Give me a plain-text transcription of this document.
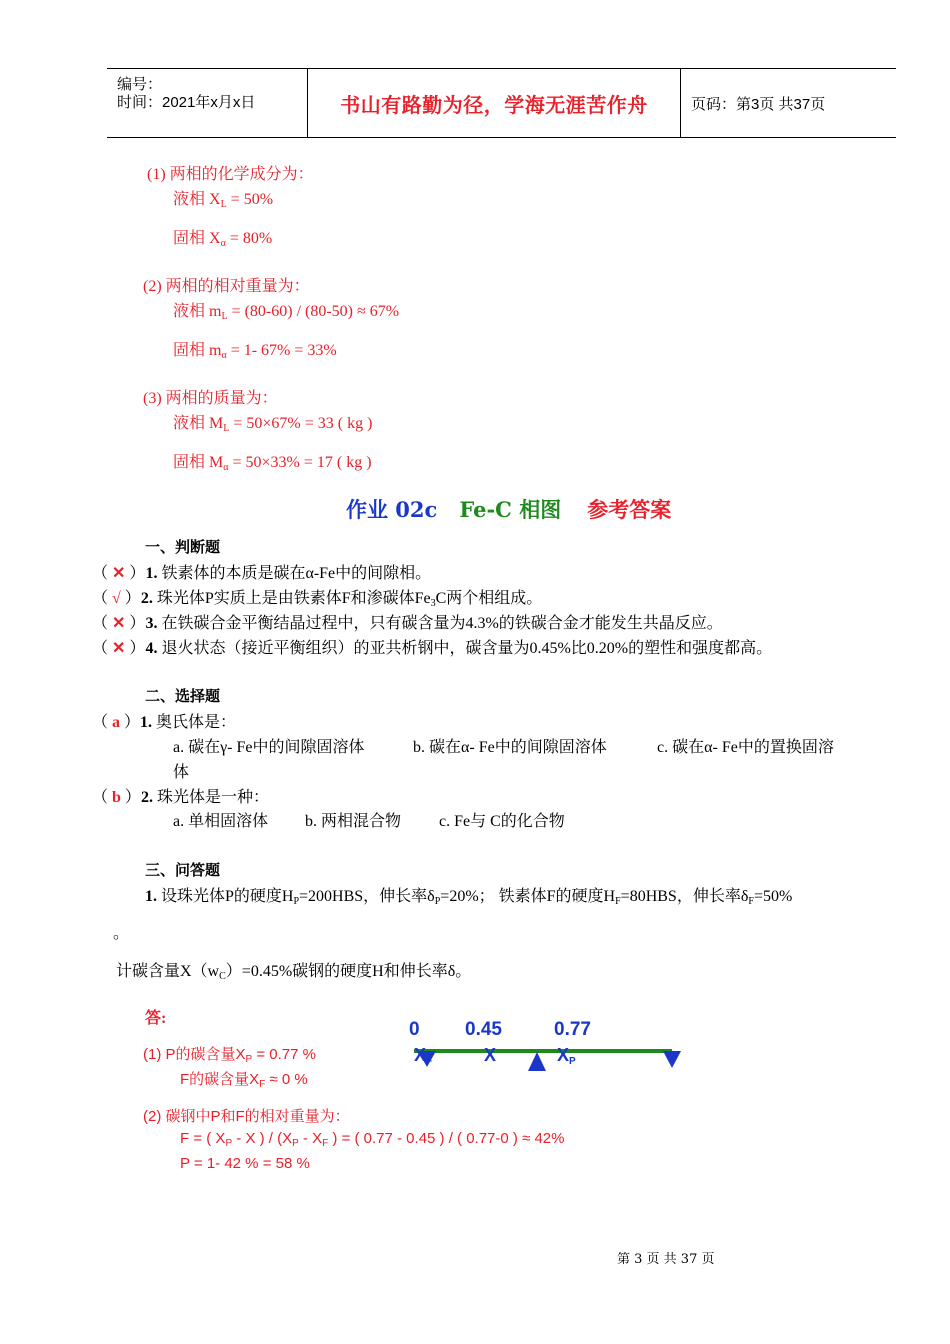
编号：
时间：2021年x月x日	书山有路勤为径，学海无涯苦作舟	页码：第3页 共37页
(1) 两相的化学成分为：
液相 $X_L = 50\%$
固相 $X_\alpha = 80\%$
(2) 两相的相对重量为：
液相 $m_L = (80-60) / (80-50) \approx 67\%$
固相 $m_\alpha = 1-$ 67% = 33%
(3) 两相的质量为：
液相 $M_L = 50\times 67\% = 33$ ( kg )
固相 $M_\alpha = 50\times 33\% = 17$ ( kg )
作业 02c Fe-C 相图 参考答案
一、判断题
（ ✕ ）1. 铁素体的本质是碳在α-Fe中的间隙相。
（ √ ）2. 珠光体P实质上是由铁素体F和渗碳体$Fe_3C$两个相组成。
（ ✕ ）3. 在铁碳合金平衡结晶过程中，只有碳含量为4.3%的铁碳合金才能发生共晶反应。
（ ✕ ）4. 退火状态（接近平衡组织）的亚共析钢中，碳含量为0.45%比0.20%的塑性和强度都高。
二、选择题
（ a ）1. 奥氏体是：
a. 碳在γ- Fe中的间隙固溶体	b. 碳在α- Fe中的间隙固溶体	c. 碳在α- Fe中的置换固溶
体
（ b ）2. 珠光体是一种：
a. 单相固溶体 b. 两相混合物 c. Fe与 C的化合物
三、问答题
1. 设珠光体P的硬度$H_P=200HBS$，伸长率$\delta_P=20\%$； 铁素体F的硬度$H_F=80HBS$，伸长率$\delta_F=50\%$
。
计碳含量$X(w_C)=0.45\%$碳钢的硬度H和伸长率δ。
答:
(1) P的碳含量$X_P = 0.77$ %
F的碳含量$X_F \approx 0$ %
(2) 碳钢中P和F的相对重量为：
F = ( $X_P$ - X ) / ($X_P - X_F$ ) = ( 0.77 - 0.45 ) / ( 0.77-0 ) ≈ 42%
P = 1- 42 % = 58 %
0 0.45	0.77
$X_F$	X	$X_P$
第 3 页 共 37 页
